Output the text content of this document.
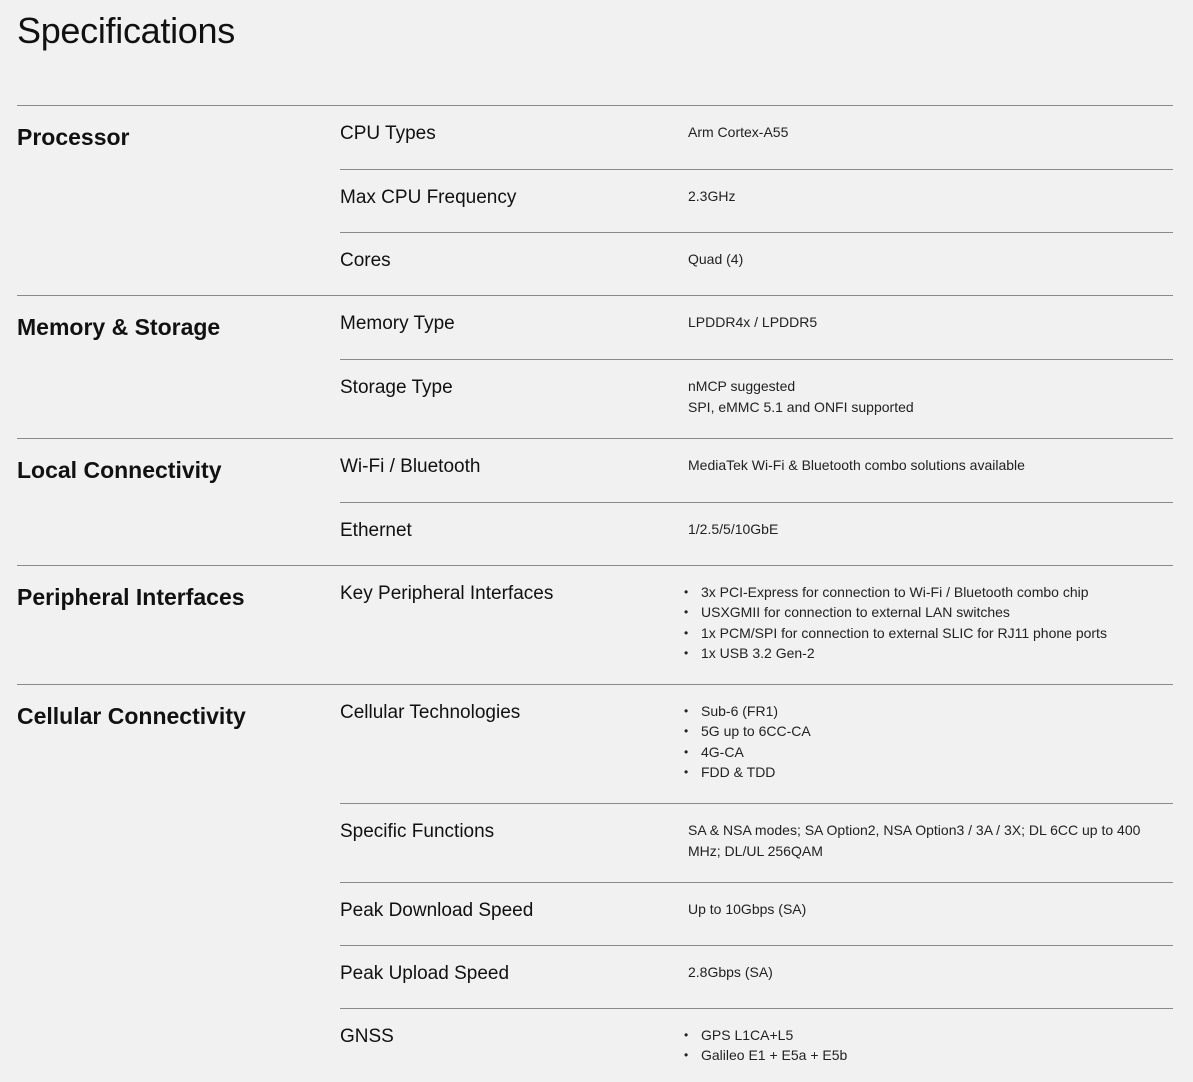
Specifications
Processor	CPU Types	Arm Cortex-A55
Max CPU Frequency	2.3GHz
Cores	Quad (4)
Memory & Storage	Memory Type	LPDDR4x / LPDDR5
Storage Type	nMCP suggested
SPI, eMMC 5.1 and ONFI supported
Local Connectivity	Wi-Fi / Bluetooth	MediaTek Wi-Fi & Bluetooth combo solutions available
Ethernet	1/2.5/5/10GbE
Peripheral Interfaces	Key Peripheral Interfaces	• 3x PCI-Express for connection to Wi-Fi / Bluetooth combo chip
• USXGMII for connection to external LAN switches
• 1x PCM/SPI for connection to external SLIC for RJ11 phone ports
• 1x USB 3.2 Gen-2
Cellular Connectivity	Cellular Technologies	• Sub-6 (FR1)
• 5G up to 6CC-CA
• 4G-CA
• FDD & TDD
Specific Functions	SA & NSA modes; SA Option2, NSA Option3 / 3A / 3X; DL 6CC up to 400
MHz; DL/UL 256QAM
Peak Download Speed	Up to 10Gbps (SA)
Peak Upload Speed	2.8Gbps (SA)
GNSS	• GPS L1CA+L5
• Galileo E1 + E5a + E5b
